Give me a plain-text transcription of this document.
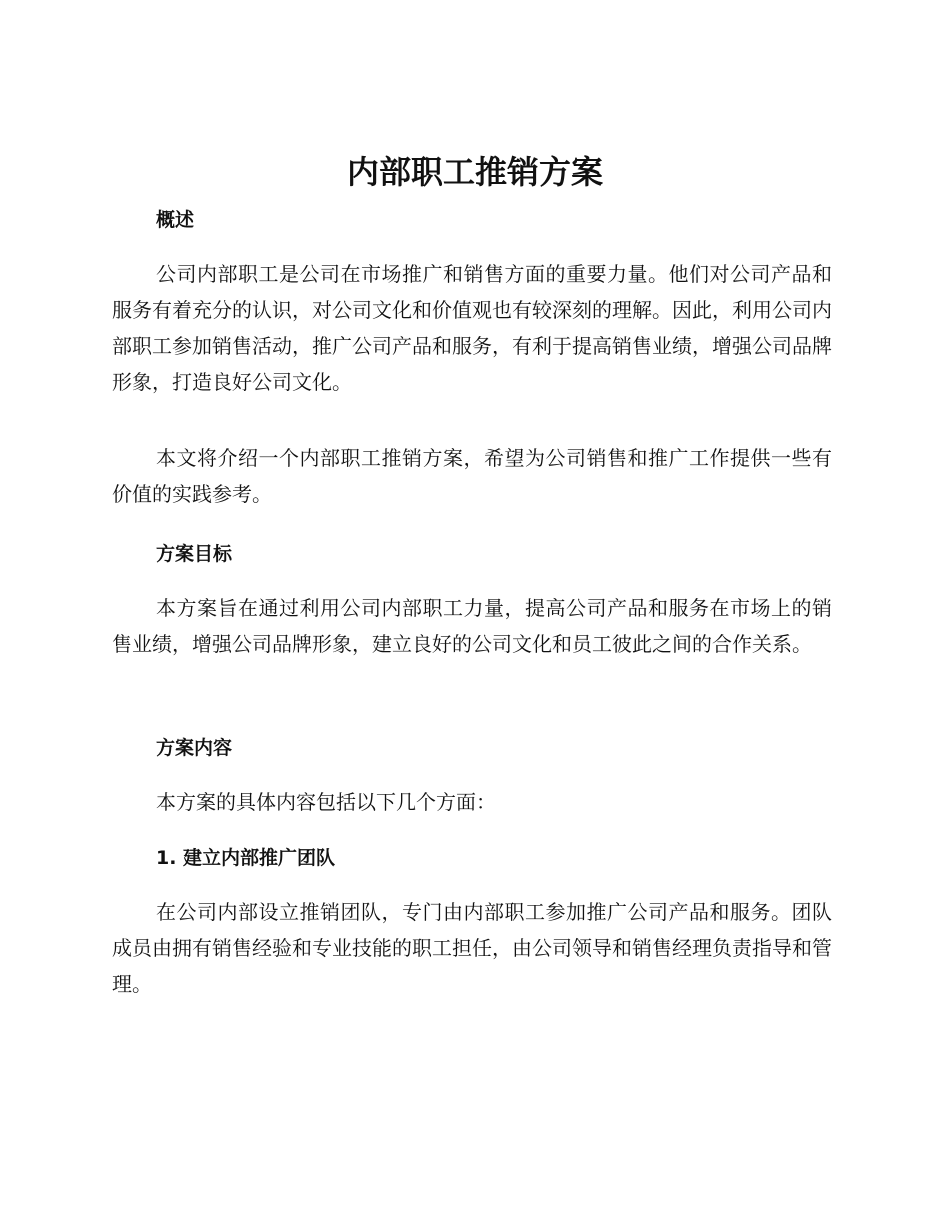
内部职工推销方案
概述

公司内部职工是公司在市场推广和销售方面的重要力量。他们对公司产品和服务有着充分的认识，对公司文化和价值观也有较深刻的理解。因此，利用公司内部职工参加销售活动，推广公司产品和服务，有利于提高销售业绩，增强公司品牌形象，打造良好公司文化。

本文将介绍一个内部职工推销方案，希望为公司销售和推广工作提供一些有价值的实践参考。

方案目标

本方案旨在通过利用公司内部职工力量，提高公司产品和服务在市场上的销售业绩，增强公司品牌形象，建立良好的公司文化和员工彼此之间的合作关系。

方案内容

本方案的具体内容包括以下几个方面：

1. 建立内部推广团队

在公司内部设立推销团队，专门由内部职工参加推广公司产品和服务。团队成员由拥有销售经验和专业技能的职工担任，由公司领导和销售经理负责指导和管理。
